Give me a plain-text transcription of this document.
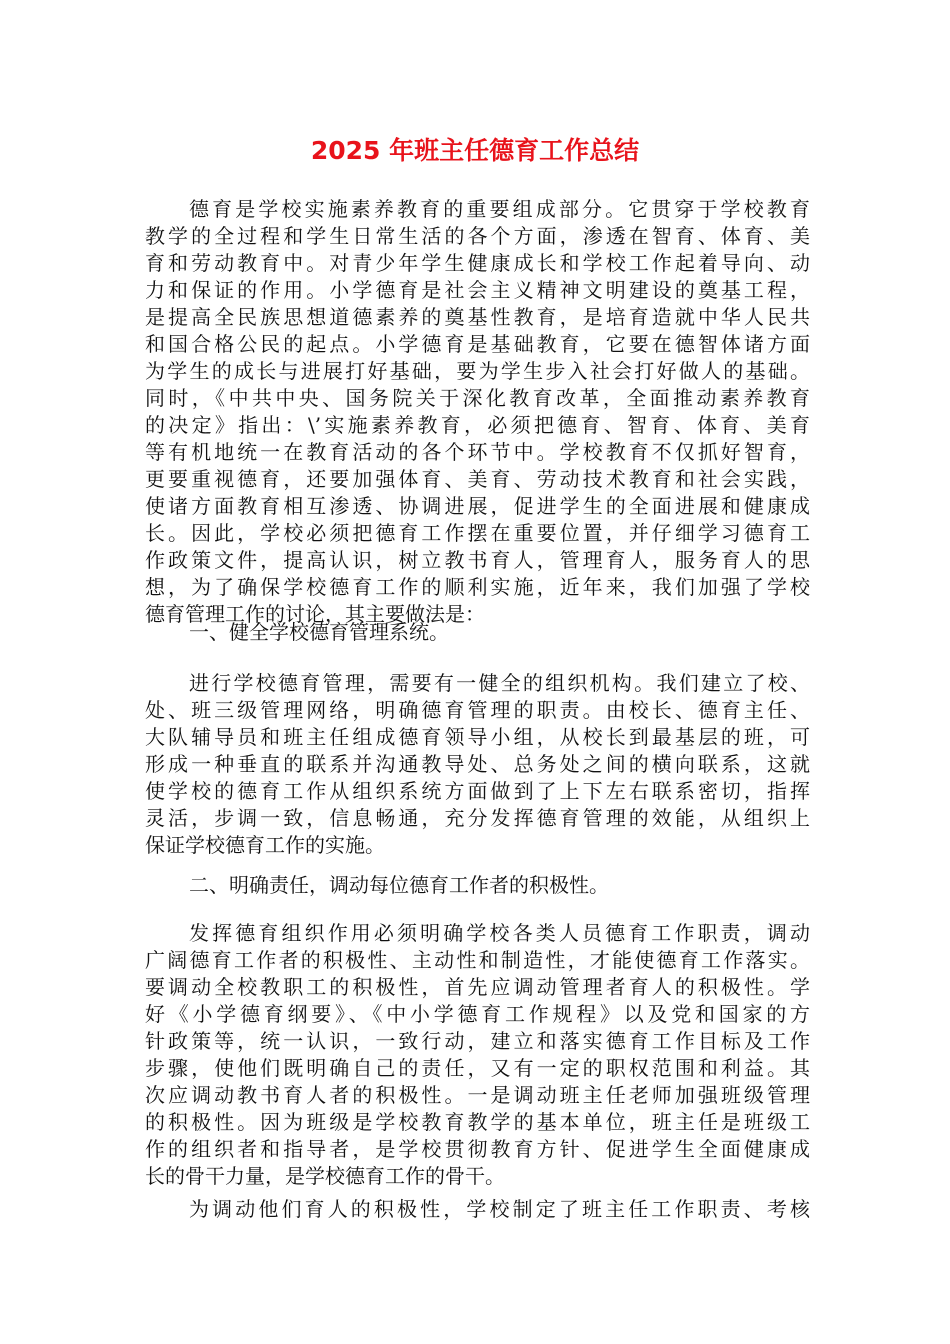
2025 年班主任德育工作总结
德育是学校实施素养教育的重要组成部分。它贯穿于学校教育
教学的全过程和学生日常生活的各个方面，渗透在智育、体育、美
育和劳动教育中。对青少年学生健康成长和学校工作起着导向、动
力和保证的作用。小学德育是社会主义精神文明建设的奠基工程，
是提高全民族思想道德素养的奠基性教育，是培育造就中华人民共
和国合格公民的起点。小学德育是基础教育，它要在德智体诸方面
为学生的成长与进展打好基础，要为学生步入社会打好做人的基础。
同时，《中共中央、国务院关于深化教育改革，全面推动素养教育
的决定》指出：\’实施素养教育，必须把德育、智育、体育、美育
等有机地统一在教育活动的各个环节中。学校教育不仅抓好智育，
更要重视德育，还要加强体育、美育、劳动技术教育和社会实践，
使诸方面教育相互渗透、协调进展，促进学生的全面进展和健康成
长。因此，学校必须把德育工作摆在重要位置，并仔细学习德育工
作政策文件，提高认识，树立教书育人，管理育人，服务育人的思
想，为了确保学校德育工作的顺利实施，近年来，我们加强了学校
德育管理工作的讨论，其主要做法是：

一、健全学校德育管理系统。

进行学校德育管理，需要有一健全的组织机构。我们建立了校、
处、班三级管理网络，明确德育管理的职责。由校长、德育主任、
大队辅导员和班主任组成德育领导小组，从校长到最基层的班，可
形成一种垂直的联系并沟通教导处、总务处之间的横向联系，这就
使学校的德育工作从组织系统方面做到了上下左右联系密切，指挥
灵活，步调一致，信息畅通，充分发挥德育管理的效能，从组织上
保证学校德育工作的实施。

二、明确责任，调动每位德育工作者的积极性。

发挥德育组织作用必须明确学校各类人员德育工作职责，调动
广阔德育工作者的积极性、主动性和制造性，才能使德育工作落实。
要调动全校教职工的积极性，首先应调动管理者育人的积极性。学
好《小学德育纲要》、《中小学德育工作规程》以及党和国家的方
针政策等，统一认识，一致行动，建立和落实德育工作目标及工作
步骤，使他们既明确自己的责任，又有一定的职权范围和利益。其
次应调动教书育人者的积极性。一是调动班主任老师加强班级管理
的积极性。因为班级是学校教育教学的基本单位，班主任是班级工
作的组织者和指导者，是学校贯彻教育方针、促进学生全面健康成
长的骨干力量，是学校德育工作的骨干。
为调动他们育人的积极性，学校制定了班主任工作职责、考核
